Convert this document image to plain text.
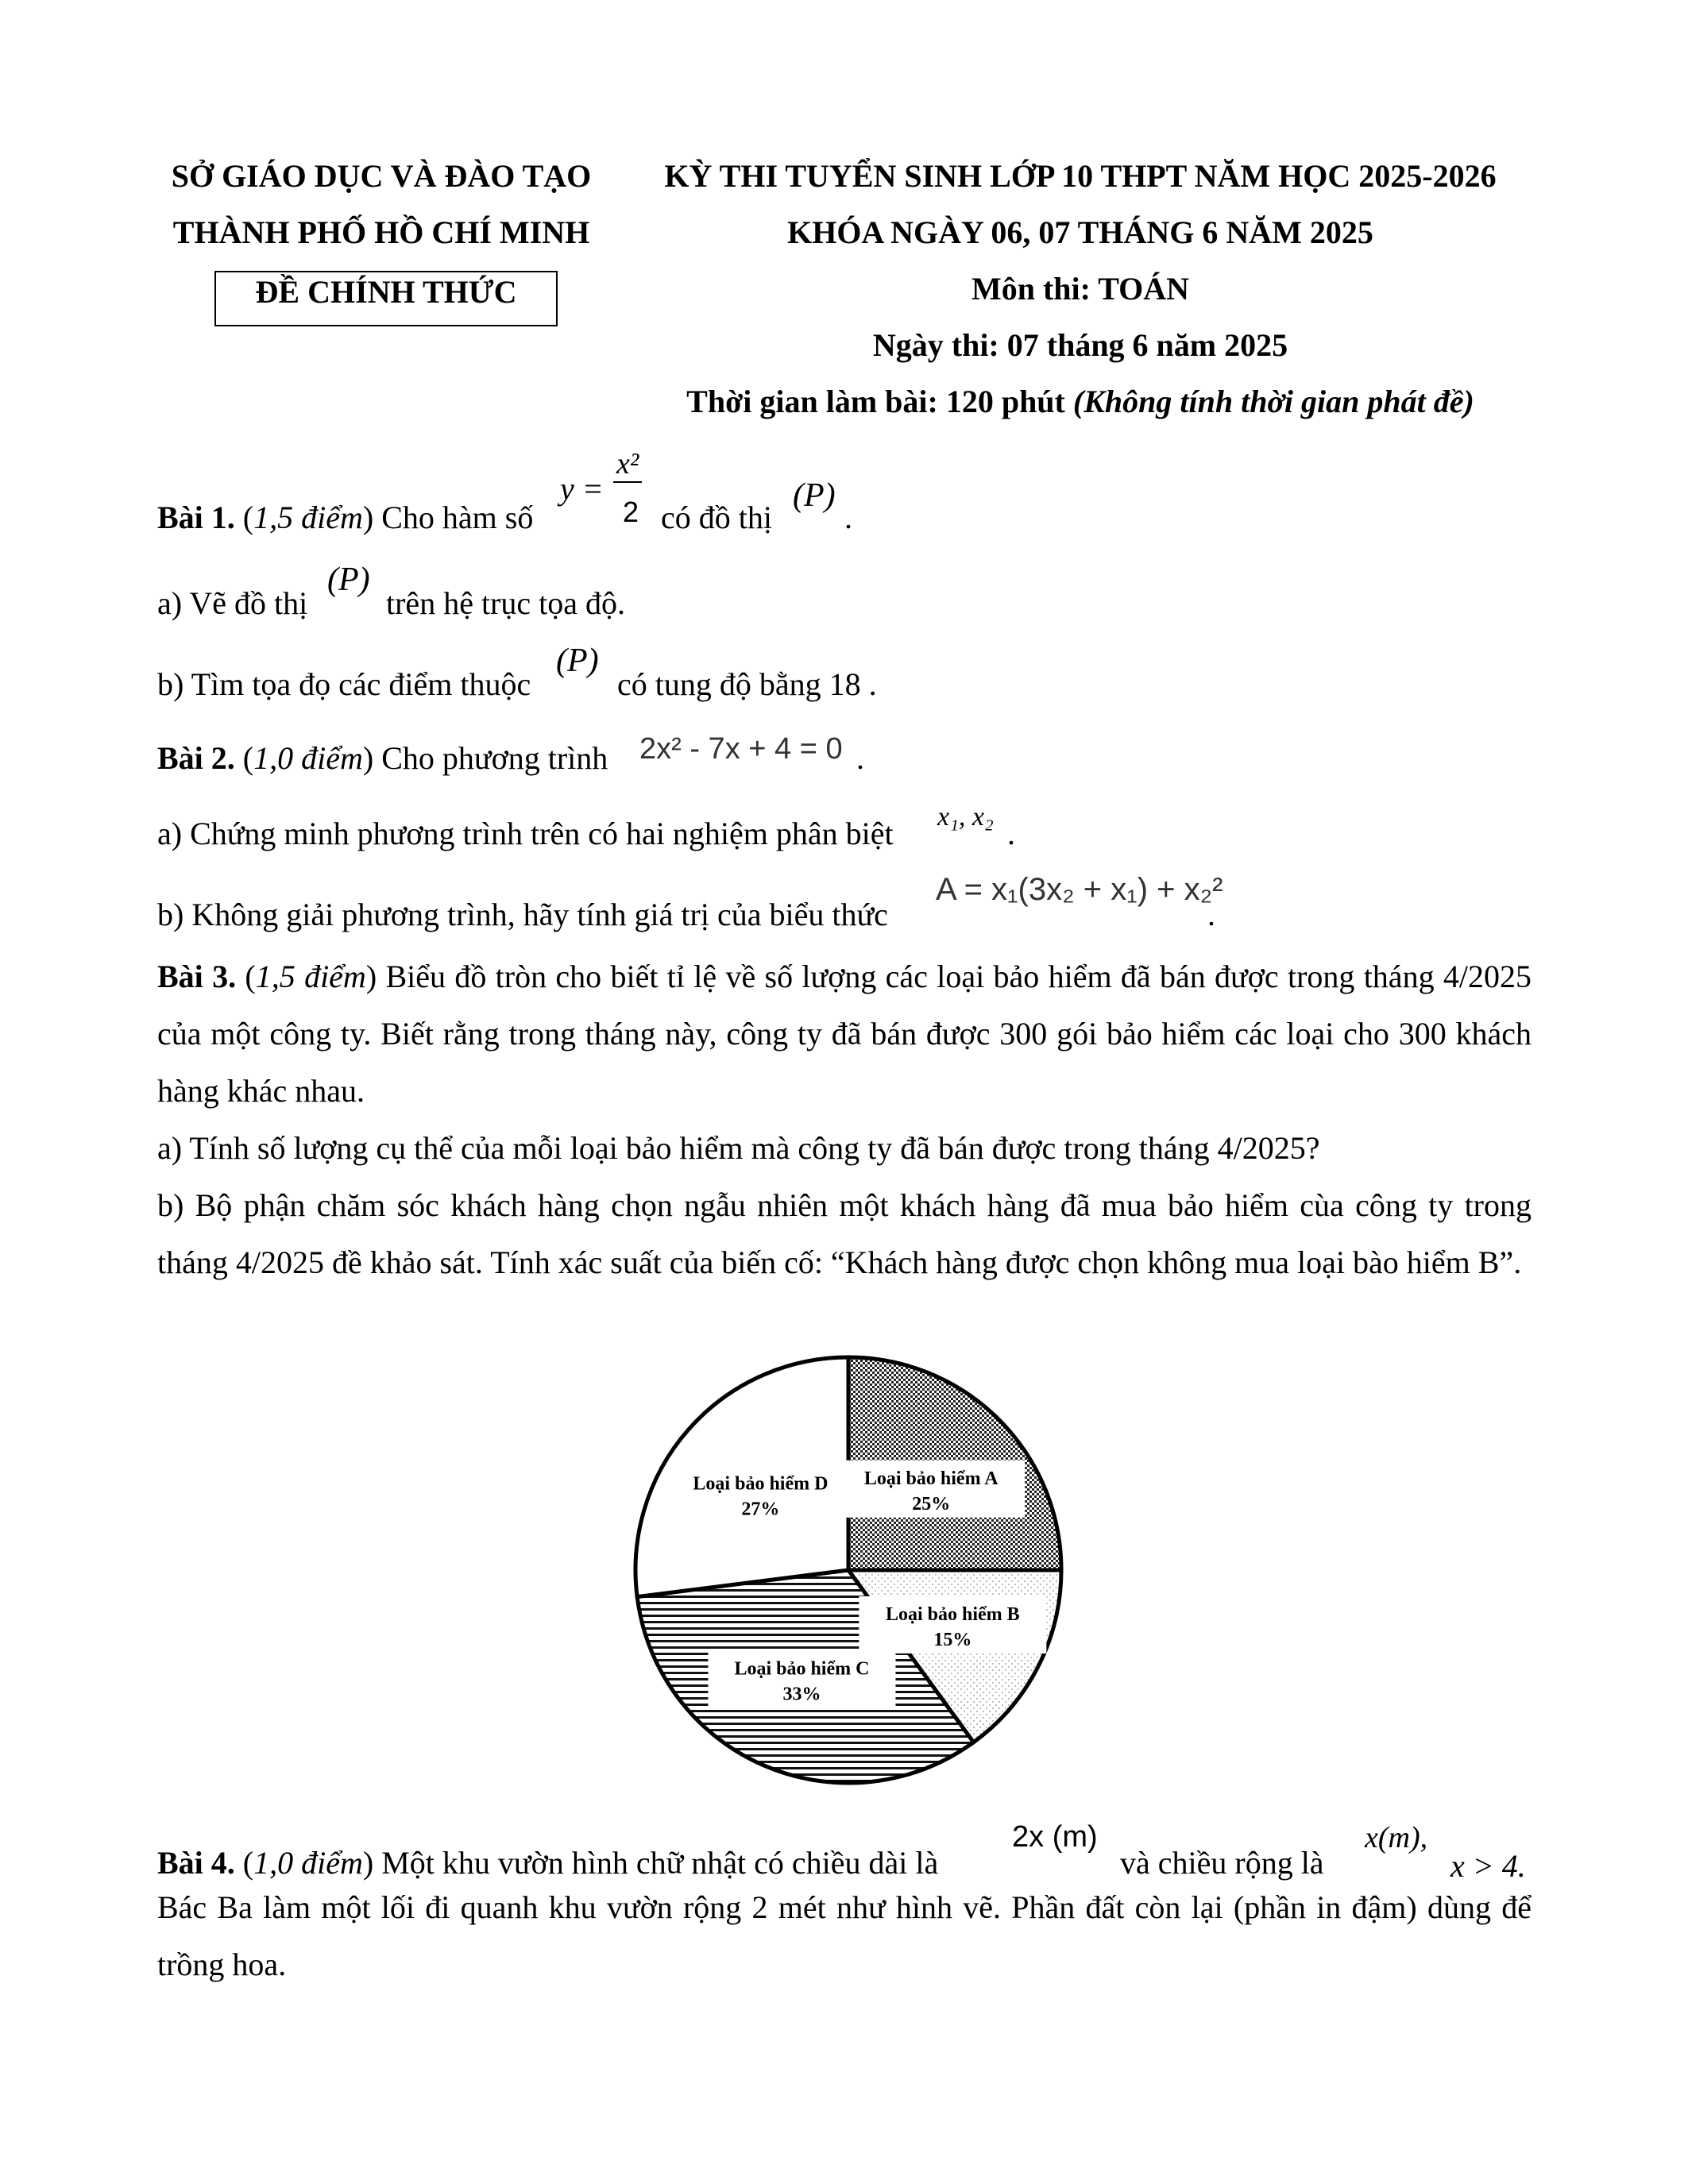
SỞ GIÁO DỤC VÀ ĐÀO TẠO
THÀNH PHỐ HỒ CHÍ MINH
ĐỀ CHÍNH THỨC
KỲ THI TUYỂN SINH LỚP 10 THPT NĂM HỌC 2025-2026
KHÓA NGÀY 06, 07 THÁNG 6 NĂM 2025
Môn thi: TOÁN
Ngày thi: 07 tháng 6 năm 2025
Thời gian làm bài: 120 phút (Không tính thời gian phát đề)
Bài 1. (1,5 điểm) Cho hàm số
y =
x²
2 có đồ thị
(P)
.
a) Vẽ đồ thị
(P)
trên hệ trục tọa độ.
b) Tìm tọa đọ các điểm thuộc
(P)
có tung độ bằng 18 .
Bài 2. (1,0 điểm) Cho phương trình 2x² - 7x + 4 = 0 .
a) Chứng minh phương trình trên có hai nghiệm phân biệt x₁, x₂ .
b) Không giải phương trình, hãy tính giá trị của biểu thức
A = x₁(3x₂ + x₁) + x₂²
.
Bài 3. (1,5 điểm) Biểu đồ tròn cho biết tỉ lệ về số lượng các loại bảo hiểm đã bán được trong tháng 4/2025 của một công ty. Biết rằng trong tháng này, công ty đã bán được 300 gói bảo hiểm các loại cho 300 khách hàng khác nhau.
a) Tính số lượng cụ thể của mỗi loại bảo hiểm mà công ty đã bán được trong tháng 4/2025?
b) Bộ phận chăm sóc khách hàng chọn ngẫu nhiên một khách hàng đã mua bảo hiểm cùa công ty trong tháng 4/2025 đề khảo sát. Tính xác suất của biến cố: “Khách hàng được chọn không mua loại bào hiểm B”.
Loại bảo hiểm A
25%
Loại bảo hiểm B
15%
Loại bảo hiểm C
33%
Loại bảo hiểm D
27%
Bài 4. (1,0 điểm) Một khu vườn hình chữ nhật có chiều dài là
2x (m)
và chiều rộng là
x(m),
x > 4.
Bác Ba làm một lối đi quanh khu vườn rộng 2 mét như hình vẽ. Phần đất còn lại (phần in đậm) dùng để trồng hoa.
